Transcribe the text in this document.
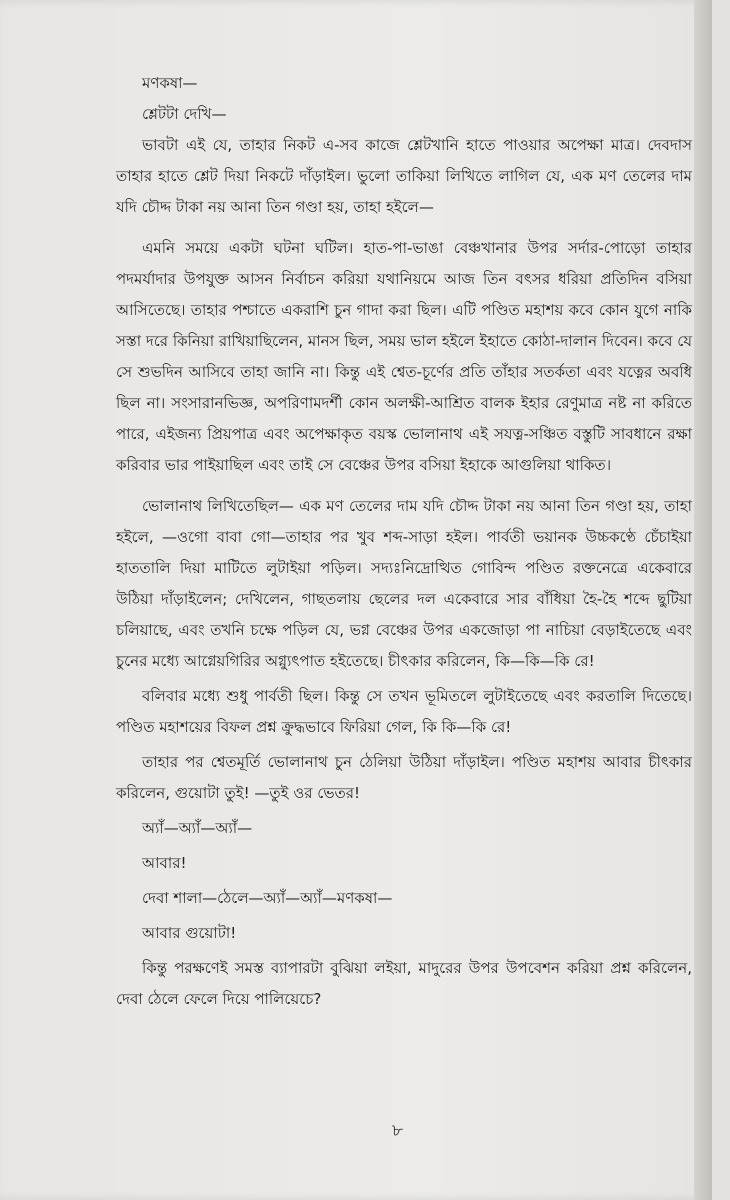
মণকষা—

শ্লেটটা দেখি—

ভাবটা এই যে, তাহার নিকট এ-সব কাজে শ্লেটখানি হাতে পাওয়ার অপেক্ষা মাত্র। দেবদাস তাহার হাতে শ্লেট দিয়া নিকটে দাঁড়াইল। ভুলো তাকিয়া লিখিতে লাগিল যে, এক মণ তেলের দাম যদি চৌদ্দ টাকা নয় আনা তিন গণ্ডা হয়, তাহা হইলে—

এমনি সময়ে একটা ঘটনা ঘটিল। হাত-পা-ভাঙা বেঞ্চখানার উপর সর্দার-পোড়ো তাহার পদমর্যাদার উপযুক্ত আসন নির্বাচন করিয়া যথানিয়মে আজ তিন বৎসর ধরিয়া প্রতিদিন বসিয়া আসিতেছে। তাহার পশ্চাতে একরাশি চুন গাদা করা ছিল। এটি পণ্ডিত মহাশয় কবে কোন যুগে নাকি সস্তা দরে কিনিয়া রাখিয়াছিলেন, মানস ছিল, সময় ভাল হইলে ইহাতে কোঠা-দালান দিবেন। কবে যে সে শুভদিন আসিবে তাহা জানি না। কিন্তু এই শ্বেত-চূর্ণের প্রতি তাঁহার সতর্কতা এবং যত্নের অবধি ছিল না। সংসারানভিজ্ঞ, অপরিণামদর্শী কোন অলক্ষী-আশ্রিত বালক ইহার রেণুমাত্র নষ্ট না করিতে পারে, এইজন্য প্রিয়পাত্র এবং অপেক্ষাকৃত বয়স্ক ভোলানাথ এই সযত্ন-সঞ্চিত বস্তুটি সাবধানে রক্ষা করিবার ভার পাইয়াছিল এবং তাই সে বেঞ্চের উপর বসিয়া ইহাকে আগুলিয়া থাকিত।

ভোলানাথ লিখিতেছিল— এক মণ তেলের দাম যদি চৌদ্দ টাকা নয় আনা তিন গণ্ডা হয়, তাহা হইলে, —ওগো বাবা গো—তাহার পর খুব শব্দ-সাড়া হইল। পার্বতী ভয়ানক উচ্চকণ্ঠে চেঁচাইয়া হাততালি দিয়া মাটিতে লুটাইয়া পড়িল। সদ্যঃনিদ্রোত্থিত গোবিন্দ পণ্ডিত রক্তনেত্রে একেবারে উঠিয়া দাঁড়াইলেন; দেখিলেন, গাছতলায় ছেলের দল একেবারে সার বাঁধিয়া হৈ-হৈ শব্দে ছুটিয়া চলিয়াছে, এবং তখনি চক্ষে পড়িল যে, ভগ্ন বেঞ্চের উপর একজোড়া পা নাচিয়া বেড়াইতেছে এবং চুনের মধ্যে আগ্নেয়গিরির অগ্ন্যুৎপাত হইতেছে। চীৎকার করিলেন, কি—কি—কি রে!

বলিবার মধ্যে শুধু পার্বতী ছিল। কিন্তু সে তখন ভূমিতলে লুটাইতেছে এবং করতালি দিতেছে। পণ্ডিত মহাশয়ের বিফল প্রশ্ন ক্রুদ্ধভাবে ফিরিয়া গেল, কি কি—কি রে!

তাহার পর শ্বেতমূর্তি ভোলানাথ চুন ঠেলিয়া উঠিয়া দাঁড়াইল। পণ্ডিত মহাশয় আবার চীৎকার করিলেন, গুয়োটা তুই! —তুই ওর ভেতর!

অ্যাঁ—অ্যাঁ—অ্যাঁ—

আবার!

দেবা শালা—ঠেলে—অ্যাঁ—অ্যাঁ—মণকষা—

আবার গুয়োটা!

কিন্তু পরক্ষণেই সমস্ত ব্যাপারটা বুঝিয়া লইয়া, মাদুরের উপর উপবেশন করিয়া প্রশ্ন করিলেন, দেবা ঠেলে ফেলে দিয়ে পালিয়েচে?

৮
